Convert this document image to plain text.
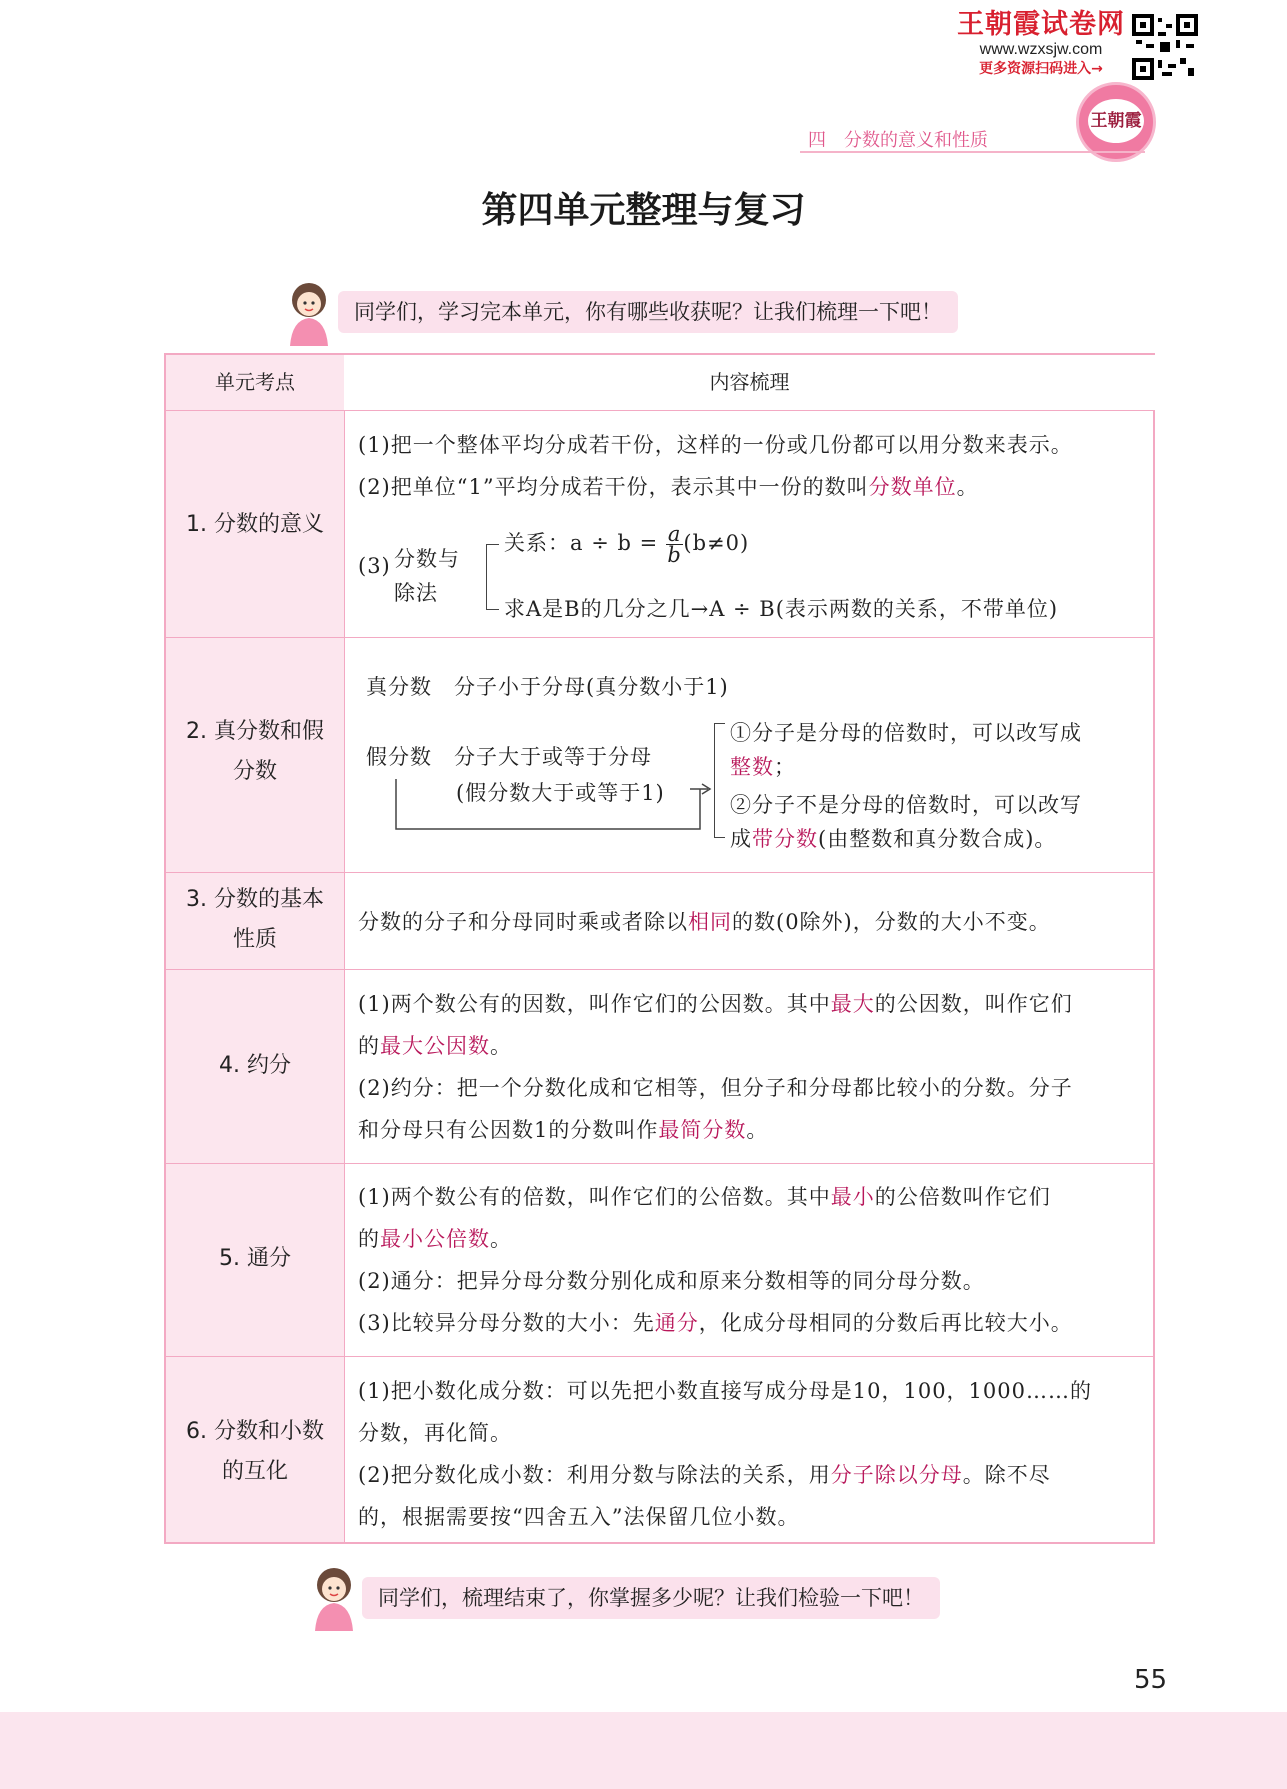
王朝霞试卷网
www.wzxsjw.com
更多资源扫码进入→
王朝霞
四　分数的意义和性质
第四单元整理与复习
同学们，学习完本单元，你有哪些收获呢？让我们梳理一下吧！
单元考点	内容梳理
1. 分数的意义
(1)把一个整体平均分成若干份，这样的一份或几份都可以用分数来表示。
(2)把单位“1”平均分成若干份，表示其中一份的数叫分数单位。
(3) 分数与
除法
关系：$a \div b = \frac{a}{b} (b\ne 0)$
求A是B的几分之几→A ÷ B(表示两数的关系，不带单位)
2. 真分数和假分数
真分数　分子小于分母(真分数小于1)
假分数　分子大于或等于分母
(假分数大于或等于1)
①分子是分母的倍数时，可以改写成
整数；
②分子不是分母的倍数时，可以改写
成带分数(由整数和真分数合成)。
3. 分数的基本性质
分数的分子和分母同时乘或者除以相同的数(0除外)，分数的大小不变。
4. 约分
(1)两个数公有的因数，叫作它们的公因数。其中最大的公因数，叫作它们
的最大公因数。
(2)约分：把一个分数化成和它相等，但分子和分母都比较小的分数。分子
和分母只有公因数1的分数叫作最简分数。
5. 通分
(1)两个数公有的倍数，叫作它们的公倍数。其中最小的公倍数叫作它们
的最小公倍数。
(2)通分：把异分母分数分别化成和原来分数相等的同分母分数。
(3)比较异分母分数的大小：先通分，化成分母相同的分数后再比较大小。
6. 分数和小数的互化
(1)把小数化成分数：可以先把小数直接写成分母是10，100，1000……的
分数，再化简。
(2)把分数化成小数：利用分数与除法的关系，用分子除以分母。除不尽
的，根据需要按“四舍五入”法保留几位小数。
同学们，梳理结束了，你掌握多少呢？让我们检验一下吧！
55
